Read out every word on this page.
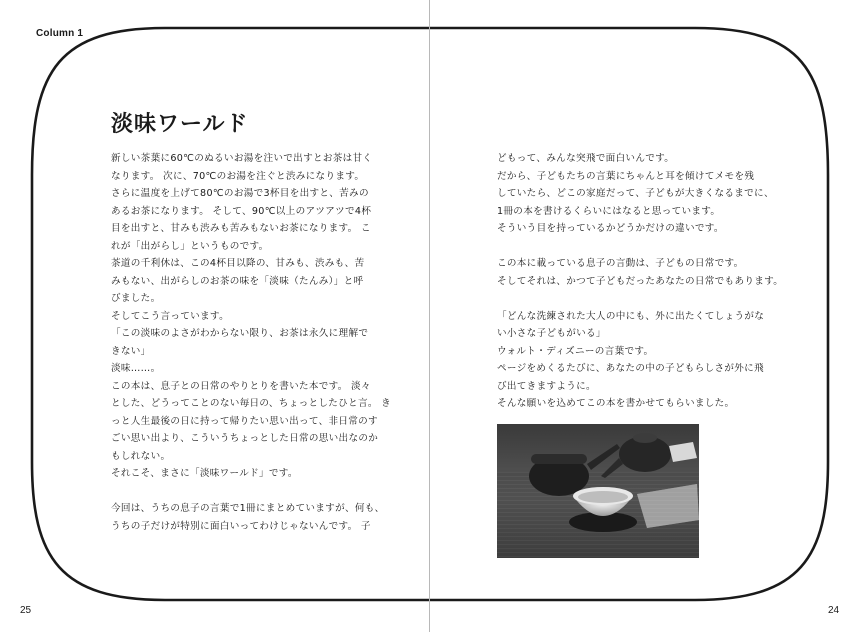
Column 1
淡味ワールド
新しい茶葉に60℃のぬるいお湯を注いで出すとお茶は甘く
なります。 次に、70℃のお湯を注ぐと渋みになります。
さらに温度を上げて80℃のお湯で3杯目を出すと、苦みの
あるお茶になります。 そして、90℃以上のアツアツで4杯
目を出すと、甘みも渋みも苦みもないお茶になります。 こ
れが「出がらし」というものです。
茶道の千利休は、この4杯目以降の、甘みも、渋みも、苦
みもない、出がらしのお茶の味を「淡味（たんみ）」と呼
びました。
そしてこう言っています。
「この淡味のよさがわからない限り、お茶は永久に理解で
きない」
淡味……。
この本は、息子との日常のやりとりを書いた本です。 淡々
とした、どうってことのない毎日の、ちょっとしたひと言。 き
っと人生最後の日に持って帰りたい思い出って、非日常のす
ごい思い出より、こういうちょっとした日常の思い出なのか
もしれない。
それこそ、まさに「淡味ワールド」です。
今回は、うちの息子の言葉で1冊にまとめていますが、何も、
うちの子だけが特別に面白いってわけじゃないんです。 子
どもって、みんな突飛で面白いんです。
だから、子どもたちの言葉にちゃんと耳を傾けてメモを残
していたら、どこの家庭だって、子どもが大きくなるまでに、
1冊の本を書けるくらいにはなると思っています。
そういう目を持っているかどうかだけの違いです。
この本に載っている息子の言動は、子どもの日常です。
そしてそれは、かつて子どもだったあなたの日常でもあります。
「どんな洗練された大人の中にも、外に出たくてしょうがな
い小さな子どもがいる」
ウォルト・ディズニーの言葉です。
ページをめくるたびに、あなたの中の子どもらしさが外に飛
び出てきますように。
そんな願いを込めてこの本を書かせてもらいました。
25	24
